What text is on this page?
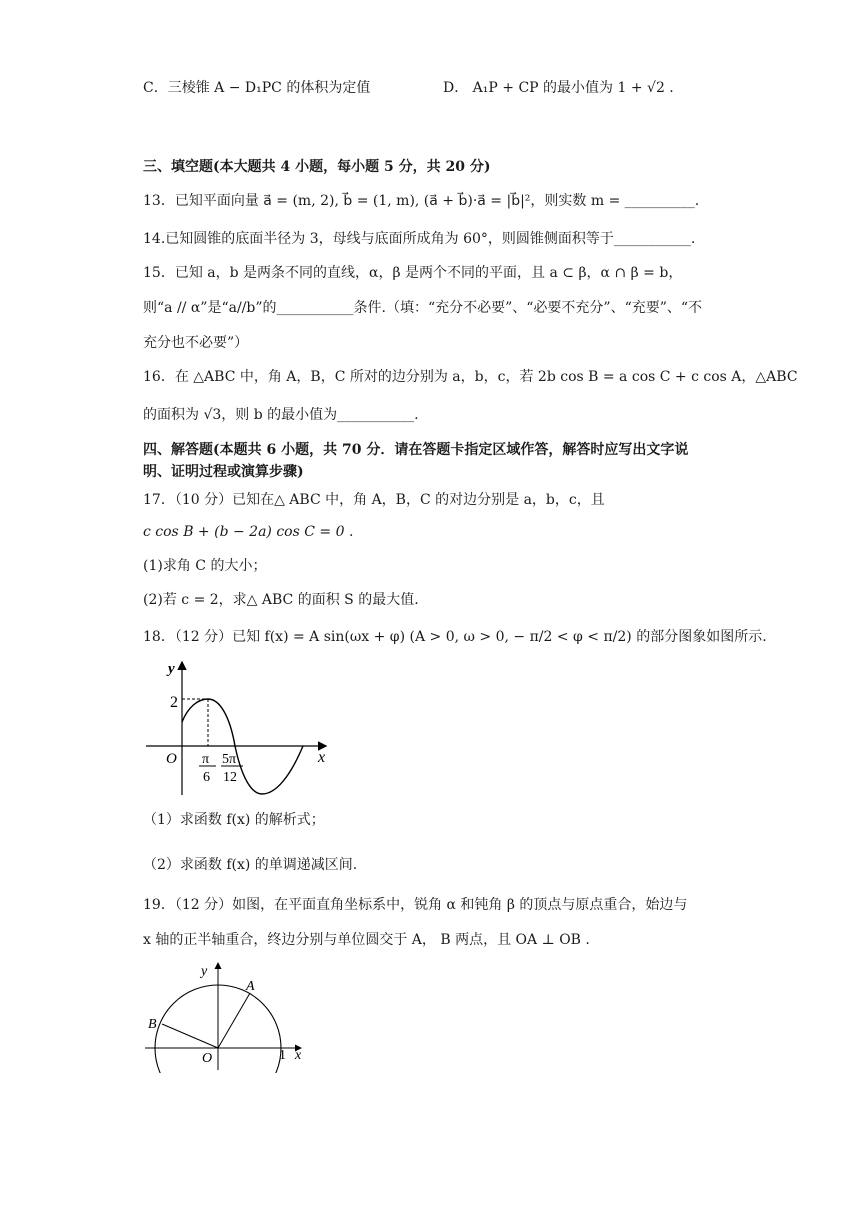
C．三棱锥 A − D₁PC 的体积为定值	D． A₁P + CP 的最小值为 1 + √2 .
三、填空题(本大题共 4 小题，每小题 5 分，共 20 分)
13．已知平面向量 a⃗ = (m, 2), b⃗ = (1, m), (a⃗ + b⃗)·a⃗ = |b⃗|²，则实数 m = __________.
14.已知圆锥的底面半径为 3，母线与底面所成角为 60°，则圆锥侧面积等于___________.
15．已知 a，b 是两条不同的直线，α，β 是两个不同的平面，且 a ⊂ β，α ∩ β = b，
则“a // α”是“a//b”的___________条件.（填：“充分不必要”、“必要不充分”、“充要”、“不
充分也不必要”）
16．在 △ABC 中，角 A，B，C 所对的边分别为 a，b，c，若 2b cos B = a cos C + c cos A，△ABC
的面积为 √3，则 b 的最小值为___________.
四、解答题(本题共 6 小题，共 70 分．请在答题卡指定区域作答，解答时应写出文字说
明、证明过程或演算步骤)
17．（10 分）已知在△ ABC 中，角 A，B，C 的对边分别是 a，b，c，且
c cos B + (b − 2a) cos C = 0 .
(1)求角 C 的大小；
(2)若 c = 2，求△ ABC 的面积 S 的最大值.
18．（12 分）已知 f(x) = A sin(ωx + φ) (A > 0, ω > 0, − π/2 < φ < π/2) 的部分图象如图所示.
y
x
O
2
π
6
5π
12
（1）求函数 f(x) 的解析式；
（2）求函数 f(x) 的单调递减区间.
19．（12 分）如图，在平面直角坐标系中，锐角 α 和钝角 β 的顶点与原点重合，始边与
x 轴的正半轴重合，终边分别与单位圆交于 A， B 两点，且 OA ⊥ OB .
y
x
O
A
B
1
